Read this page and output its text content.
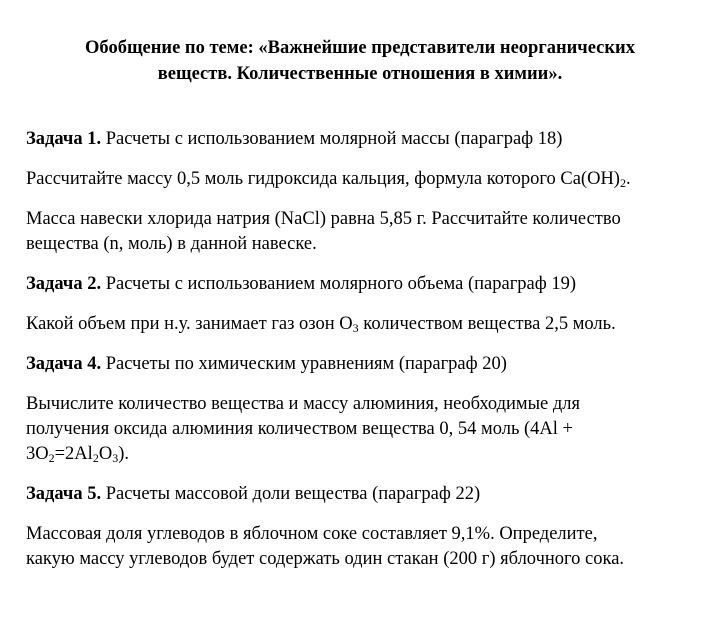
Обобщение по теме: «Важнейшие представители неорганических
веществ. Количественные отношения в химии».

Задача 1. Расчеты с использованием молярной массы (параграф 18)

Рассчитайте массу 0,5 моль гидроксида кальция, формула которого $Ca(OH)_2$.

Масса навески хлорида натрия (NaCl) равна 5,85 г. Рассчитайте количество
вещества (n, моль) в данной навеске.

Задача 2. Расчеты с использованием молярного объема (параграф 19)

Какой объем при н.у. занимает газ озон $O_3$ количеством вещества 2,5 моль.

Задача 4. Расчеты по химическим уравнениям (параграф 20)

Вычислите количество вещества и массу алюминия, необходимые для
получения оксида алюминия количеством вещества 0, 54 моль (4Al +
$3O_2=2Al_2O_3$).

Задача 5. Расчеты массовой доли вещества (параграф 22)

Массовая доля углеводов в яблочном соке составляет 9,1%. Определите,
какую массу углеводов будет содержать один стакан (200 г) яблочного сока.
